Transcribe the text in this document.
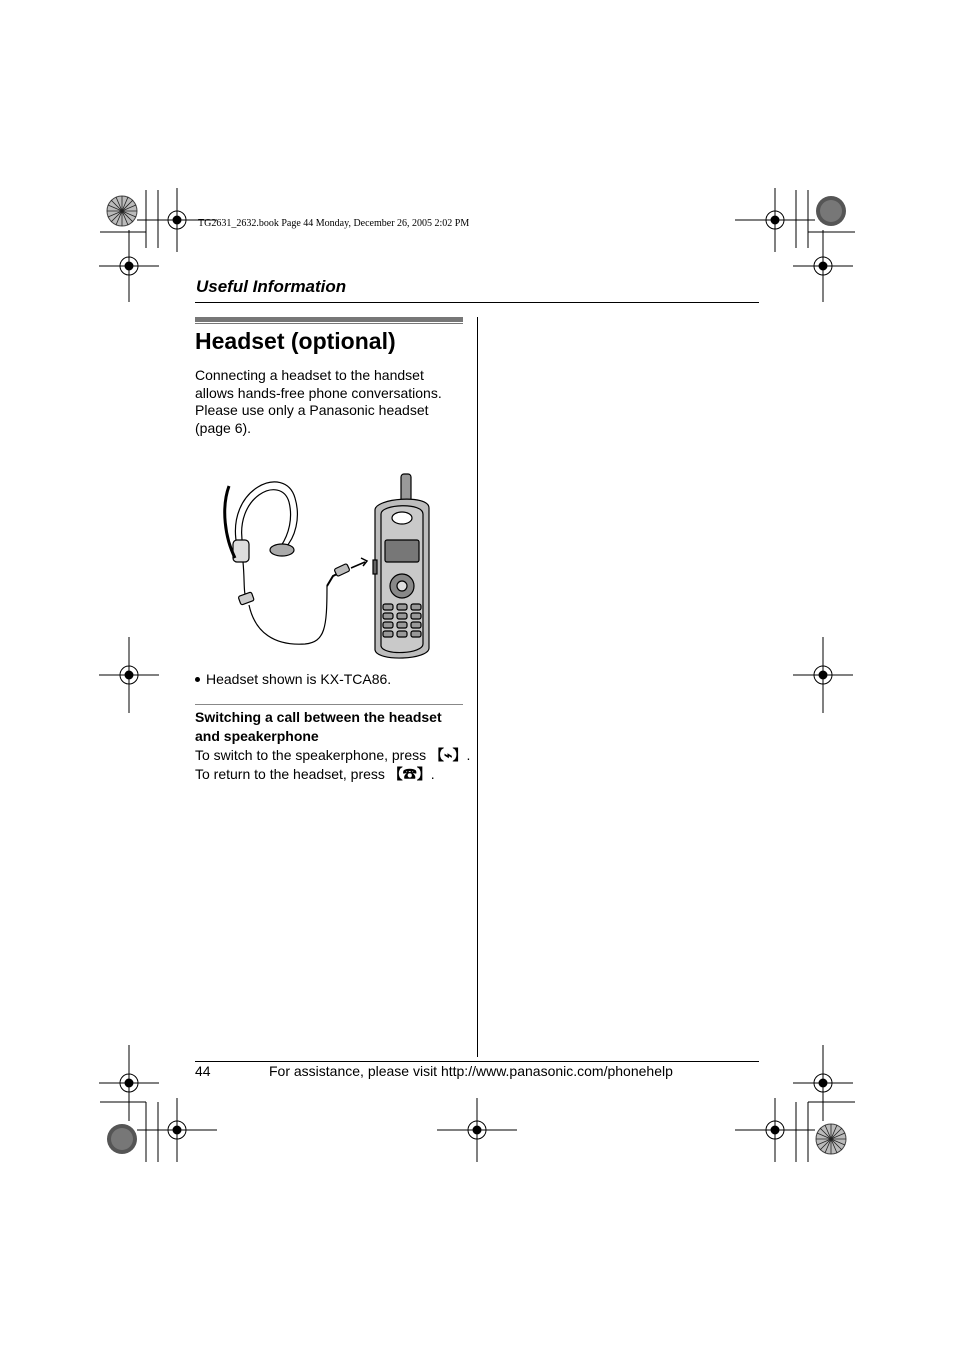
TG2631_2632.book Page 44 Monday, December 26, 2005 2:02 PM
Useful Information
Headset (optional)
Connecting a headset to the handset
allows hands-free phone conversations.
Please use only a Panasonic headset
(page 6).
Headset shown is KX-TCA86.
Switching a call between the headset
and speakerphone
To switch to the speakerphone, press 【⌁】.
To return to the headset, press 【☎】.
44	For assistance, please visit http://www.panasonic.com/phonehelp
